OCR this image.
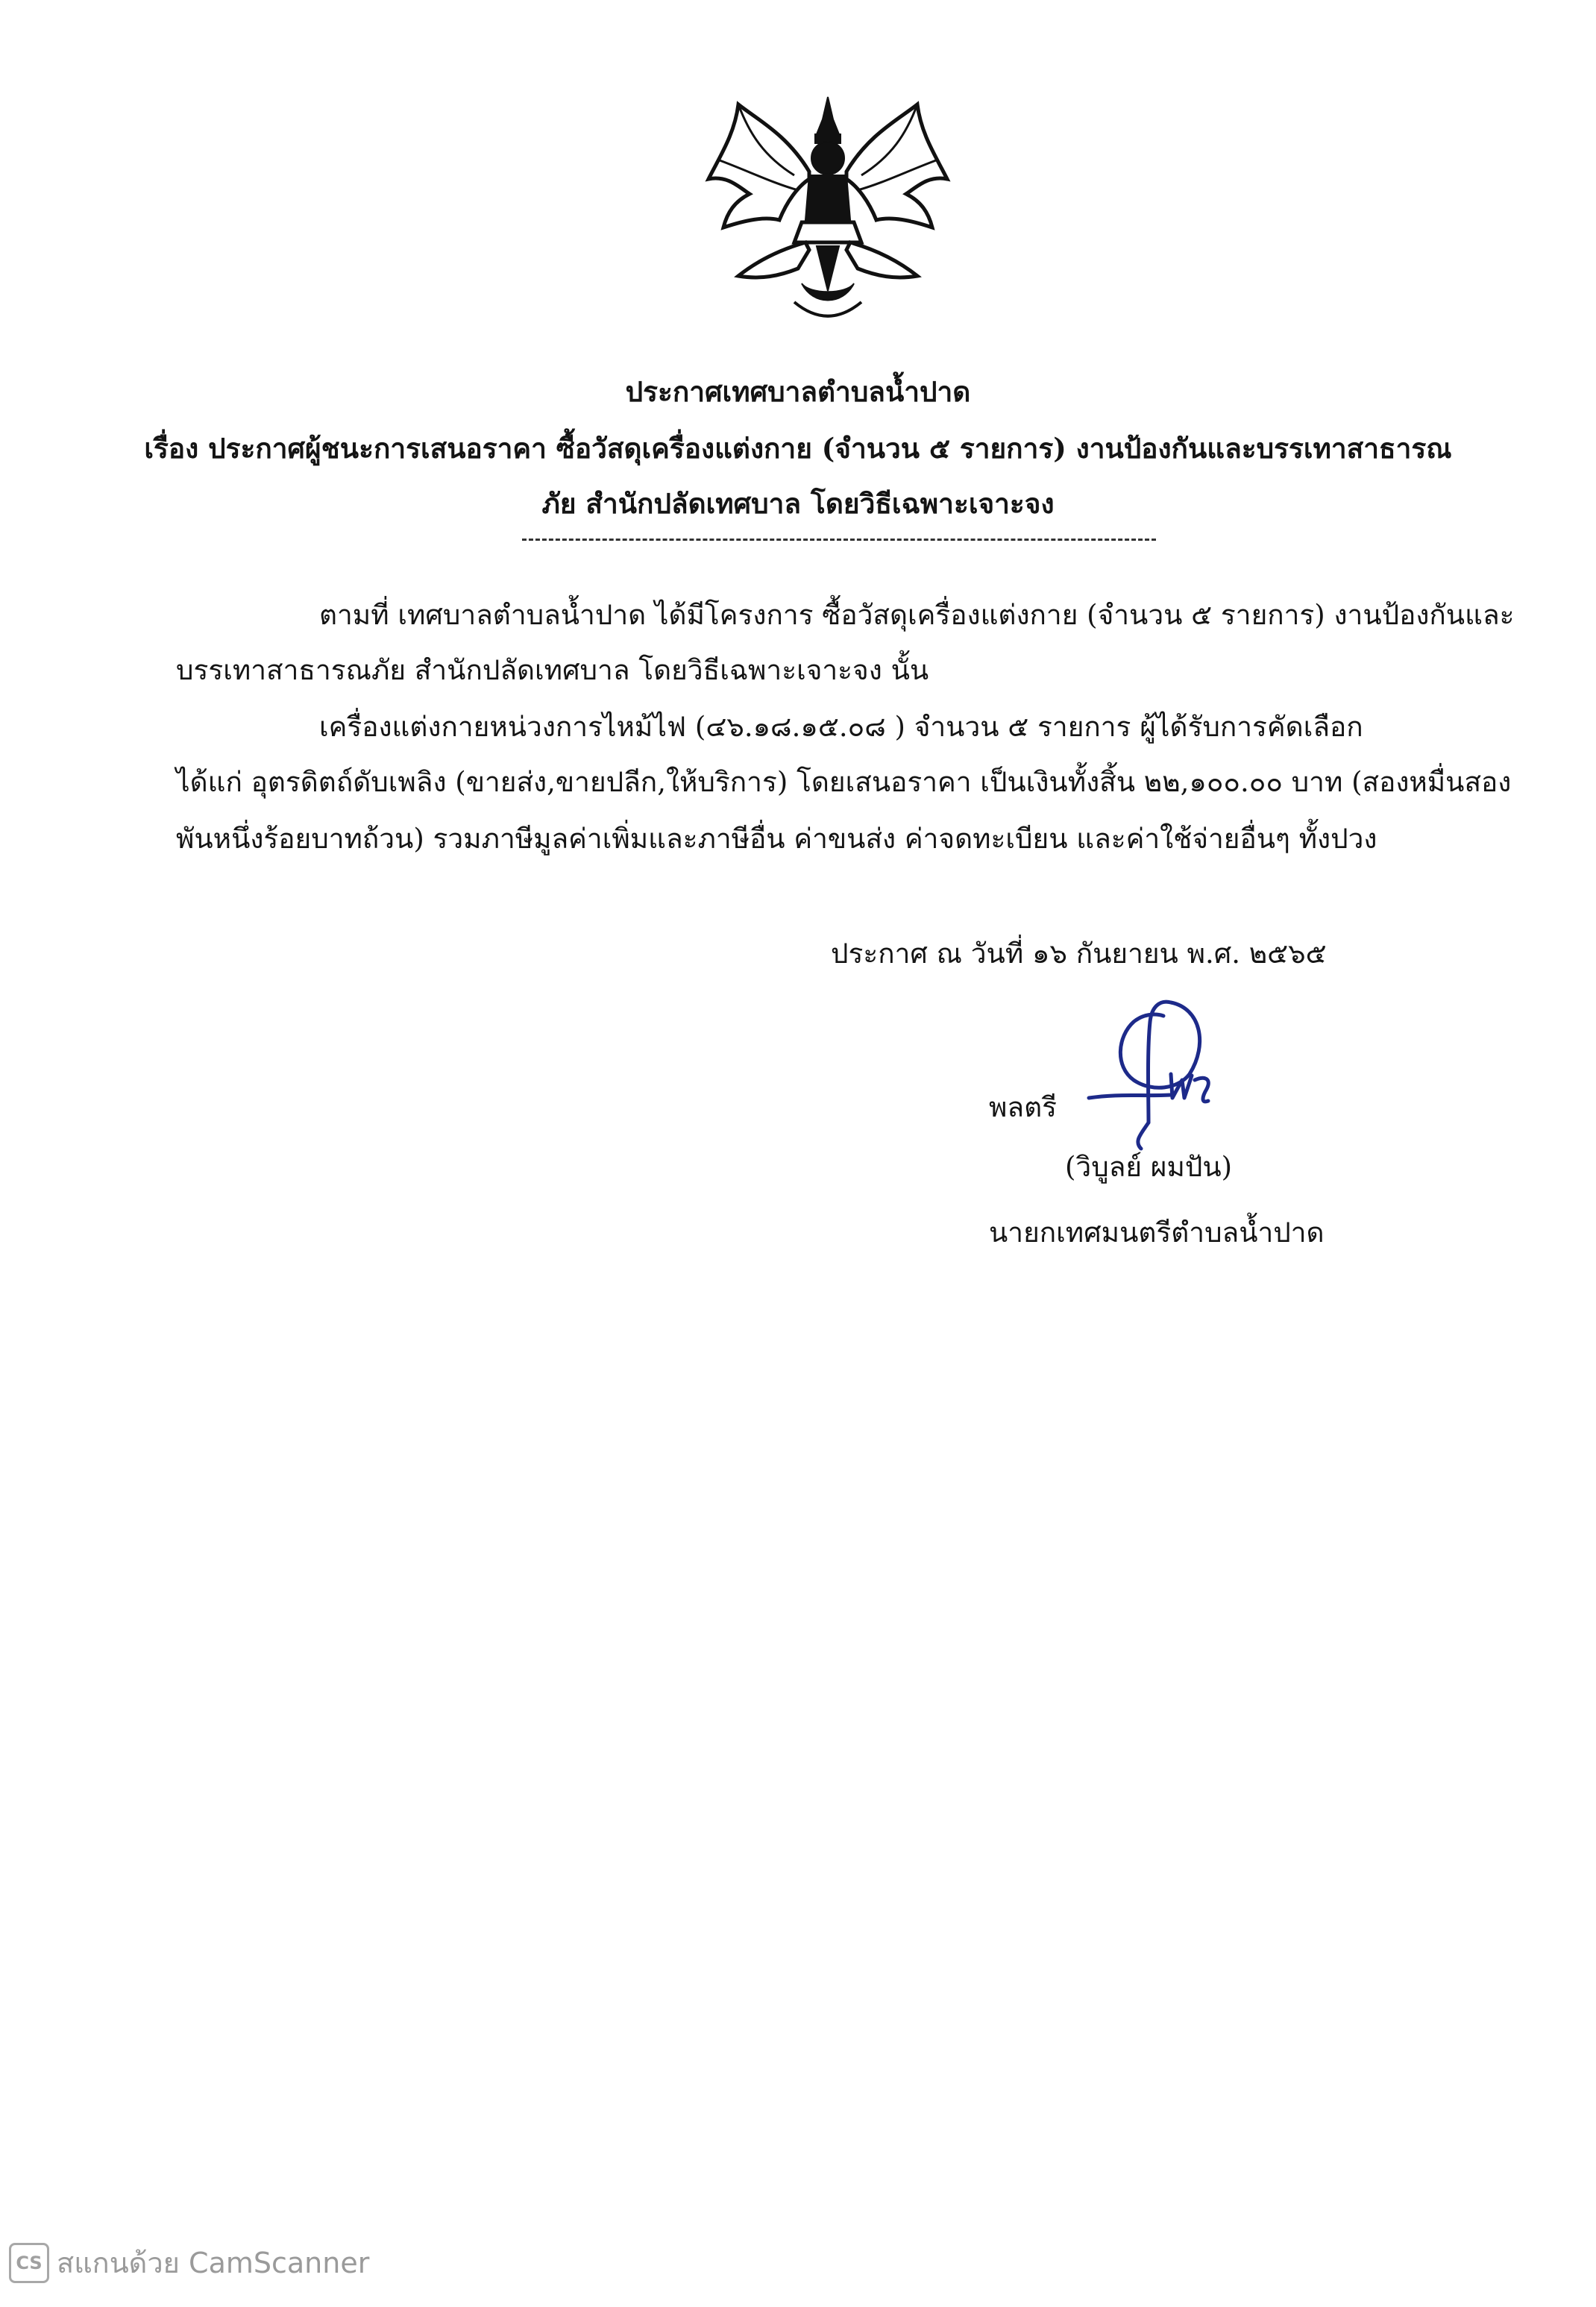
ประกาศเทศบาลตำบลน้ำปาด
เรื่อง ประกาศผู้ชนะการเสนอราคา ซื้อวัสดุเครื่องแต่งกาย (จำนวน ๕ รายการ) งานป้องกันและบรรเทาสาธารณ
ภัย สำนักปลัดเทศบาล โดยวิธีเฉพาะเจาะจง
ตามที่ เทศบาลตำบลน้ำปาด ได้มีโครงการ ซื้อวัสดุเครื่องแต่งกาย (จำนวน ๕ รายการ) งานป้องกันและ
บรรเทาสาธารณภัย สำนักปลัดเทศบาล โดยวิธีเฉพาะเจาะจง นั้น
เครื่องแต่งกายหน่วงการไหม้ไฟ (๔๖.๑๘.๑๕.๐๘ ) จำนวน ๕ รายการ ผู้ได้รับการคัดเลือก
ได้แก่ อุตรดิตถ์ดับเพลิง (ขายส่ง,ขายปลีก,ให้บริการ) โดยเสนอราคา เป็นเงินทั้งสิ้น ๒๒,๑๐๐.๐๐ บาท (สองหมื่นสอง
พันหนึ่งร้อยบาทถ้วน) รวมภาษีมูลค่าเพิ่มและภาษีอื่น ค่าขนส่ง ค่าจดทะเบียน และค่าใช้จ่ายอื่นๆ ทั้งปวง
ประกาศ ณ วันที่ ๑๖ กันยายน พ.ศ. ๒๕๖๕
พลตรี
(วิบูลย์ ผมปัน)
นายกเทศมนตรีตำบลน้ำปาด
CS สแกนด้วย CamScanner
